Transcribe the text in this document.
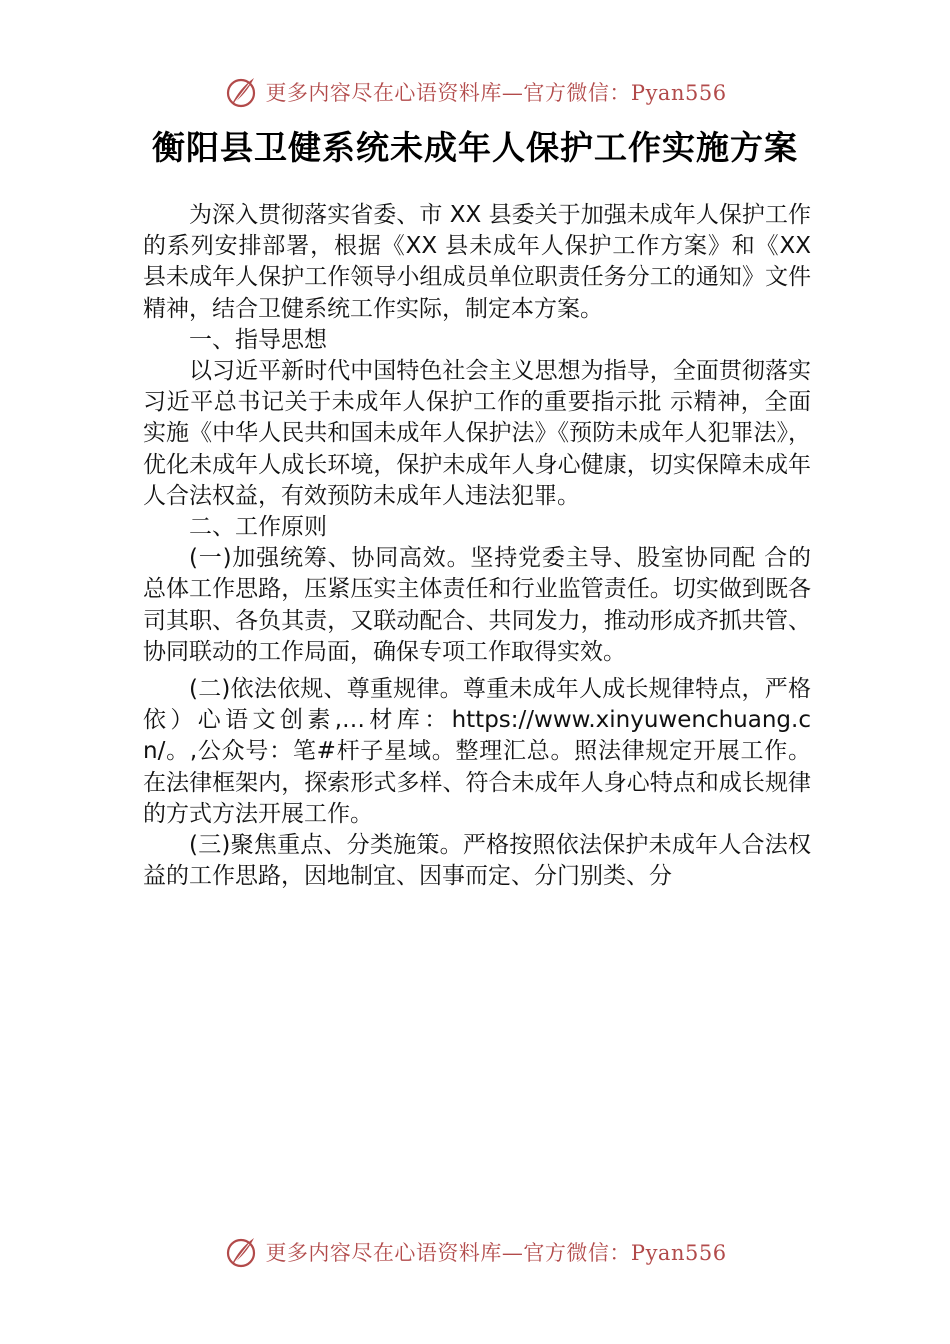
更多内容尽在心语资料库—官方微信：Pyan556
衡阳县卫健系统未成年人保护工作实施方案

为深入贯彻落实省委、市 XX 县委关于加强未成年人保护工作的系列安排部署，根据《XX 县未成年人保护工作方案》和《XX 县未成年人保护工作领导小组成员单位职责任务分工的通知》文件精神，结合卫健系统工作实际，制定本方案。

一、指导思想

以习近平新时代中国特色社会主义思想为指导，全面贯彻落实习近平总书记关于未成年人保护工作的重要指示批 示精神，全面实施《中华人民共和国未成年人保护法》《预防未成年人犯罪法》，优化未成年人成长环境，保护未成年人身心健康，切实保障未成年人合法权益，有效预防未成年人违法犯罪。

二、工作原则

(一)加强统筹、协同高效。坚持党委主导、股室协同配 合的总体工作思路，压紧压实主体责任和行业监管责任。切实做到既各司其职、各负其责，又联动配合、共同发力，推动形成齐抓共管、协同联动的工作局面，确保专项工作取得实效。

(二)依法依规、尊重规律。尊重未成年人成长规律特点，严格依）心语文创素,…材库：https://www.xinyuwenchuang.cn/。,公众号：笔#杆子星域。整理汇总。照法律规定开展工作。在法律框架内，探索形式多样、符合未成年人身心特点和成长规律的方式方法开展工作。

(三)聚焦重点、分类施策。严格按照依法保护未成年人合法权益的工作思路，因地制宜、因事而定、分门别类、分

更多内容尽在心语资料库—官方微信：Pyan556
